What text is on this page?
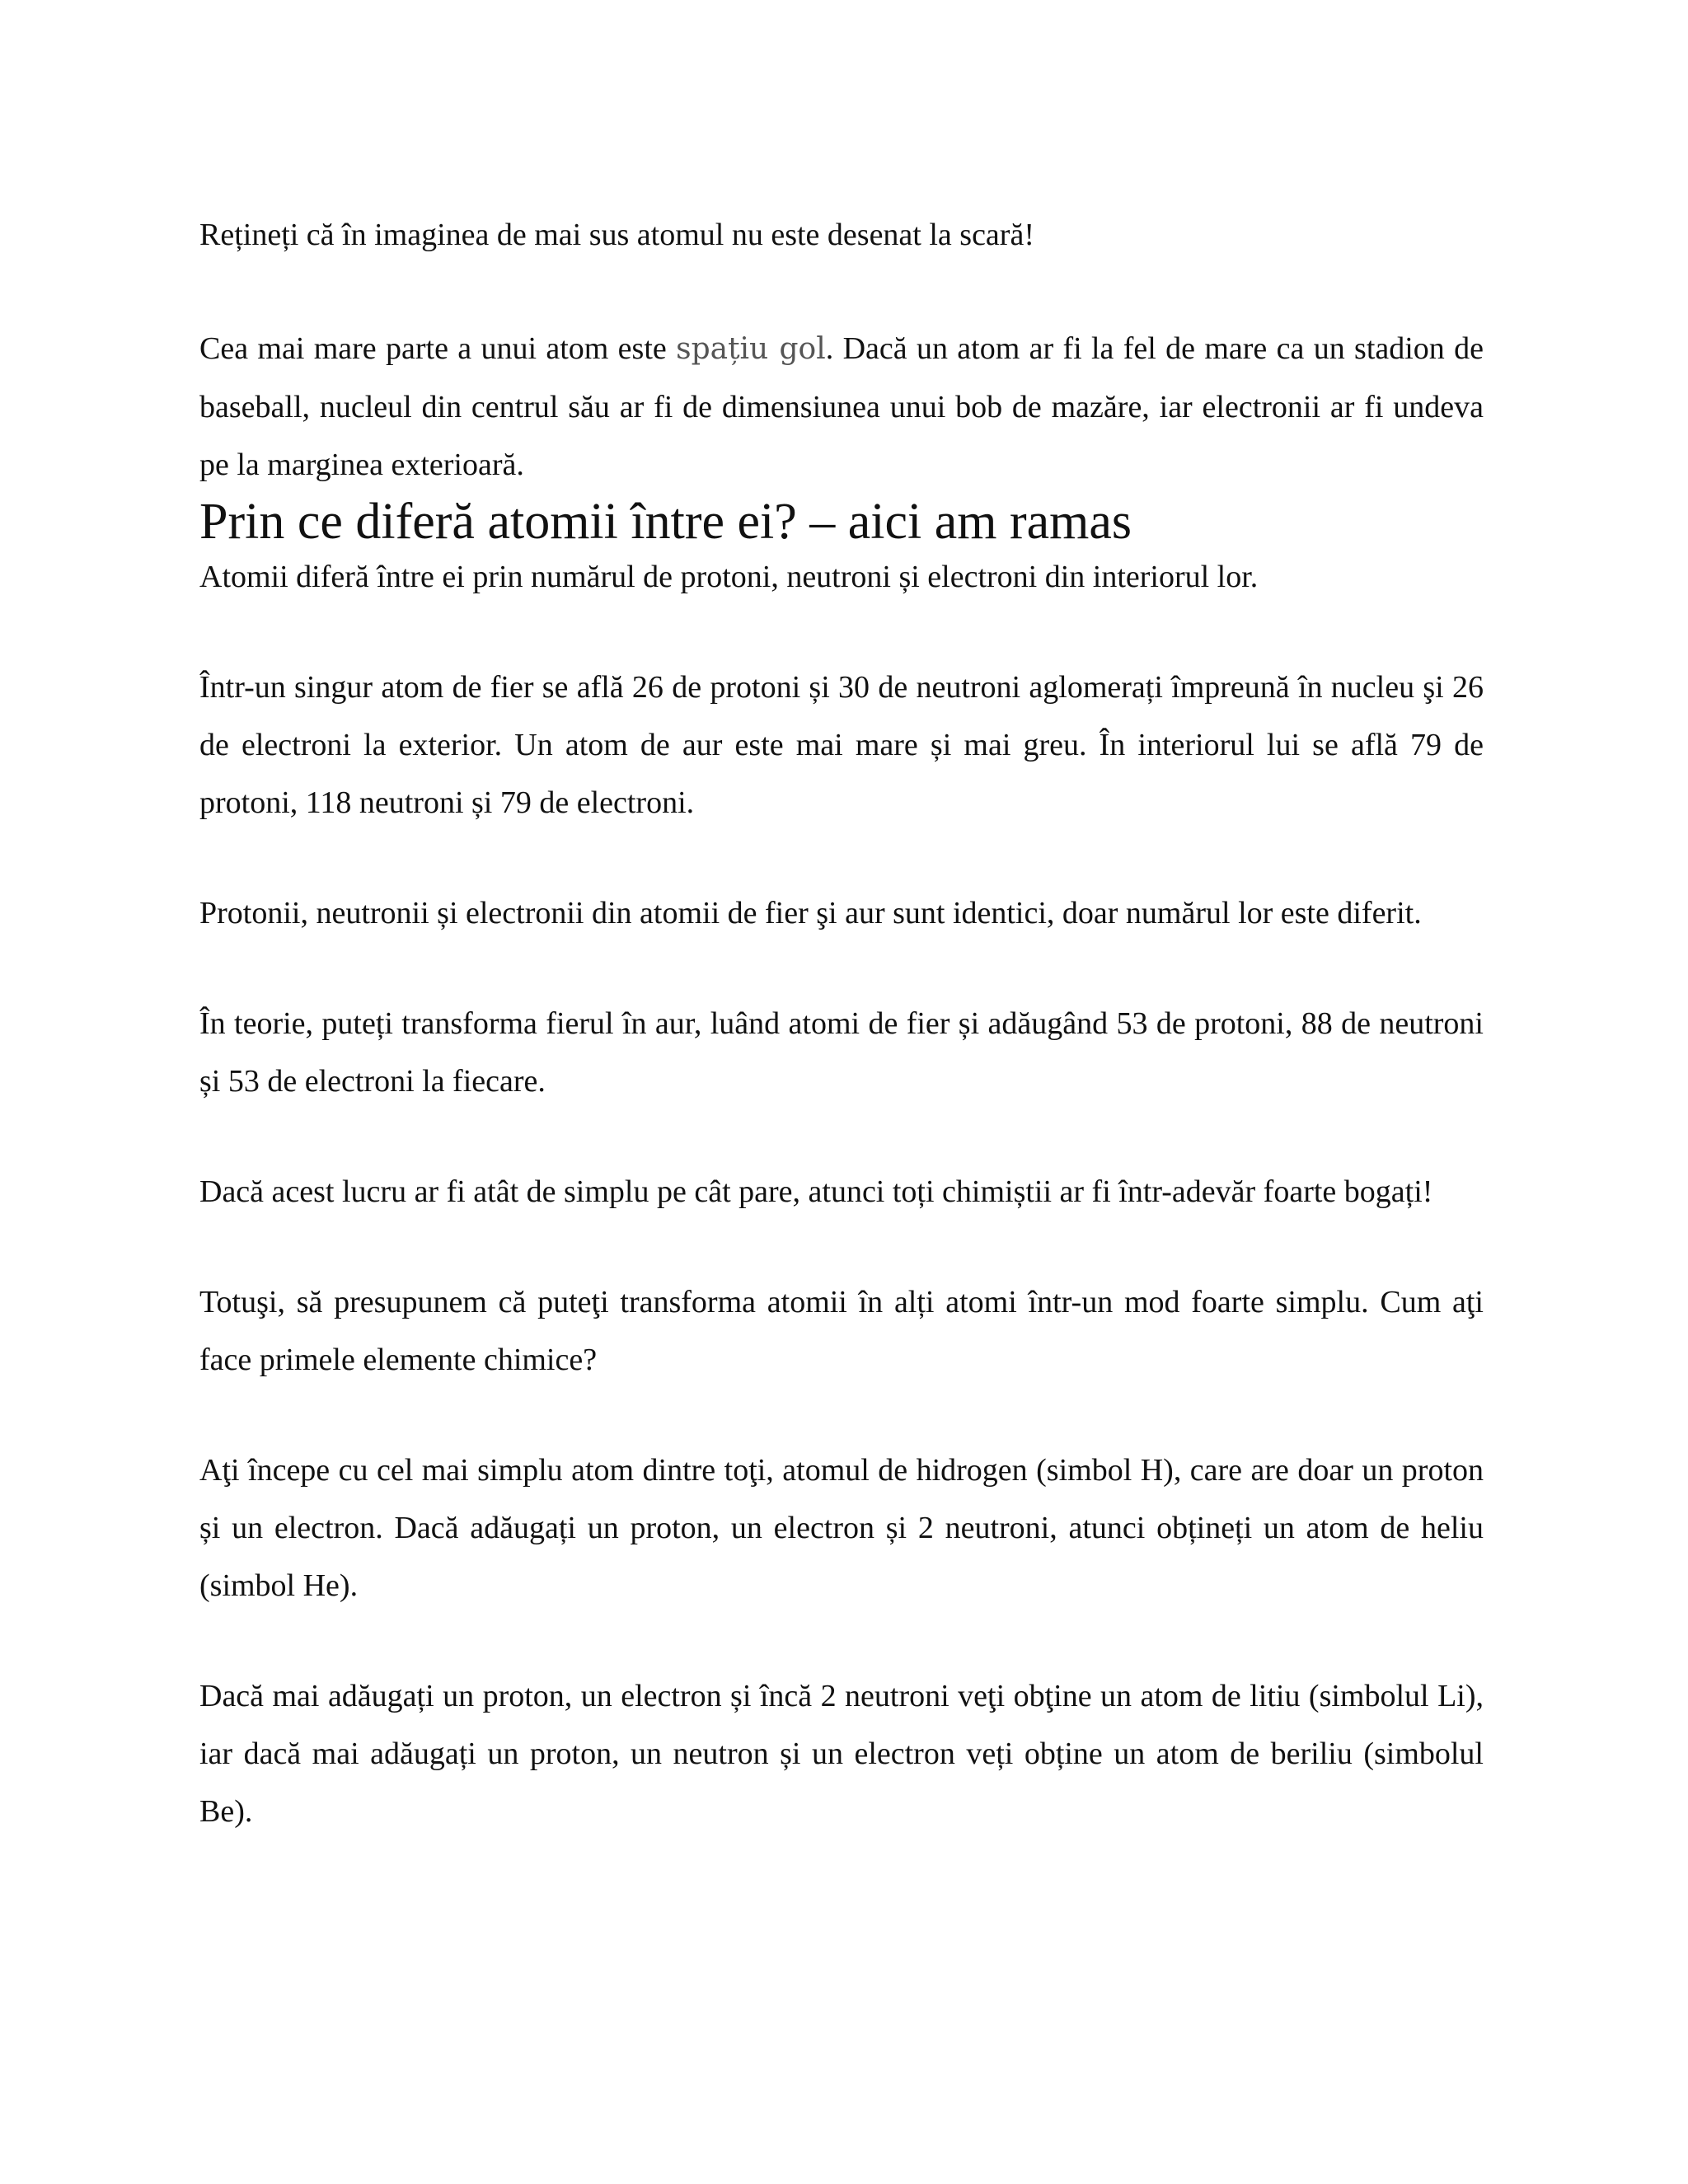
Rețineți că în imaginea de mai sus atomul nu este desenat la scară!

Cea mai mare parte a unui atom este spațiu gol. Dacă un atom ar fi la fel de mare ca un stadion de baseball, nucleul din centrul său ar fi de dimensiunea unui bob de mazăre, iar electronii ar fi undeva pe la marginea exterioară.

Prin ce diferă atomii între ei? – aici am ramas

Atomii diferă între ei prin numărul de protoni, neutroni și electroni din interiorul lor.

Într-un singur atom de fier se află 26 de protoni și 30 de neutroni aglomerați împreună în nucleu şi 26 de electroni la exterior. Un atom de aur este mai mare și mai greu. În interiorul lui se află 79 de protoni, 118 neutroni și 79 de electroni.

Protonii, neutronii și electronii din atomii de fier şi aur sunt identici, doar numărul lor este diferit.

În teorie, puteți transforma fierul în aur, luând atomi de fier și adăugând 53 de protoni, 88 de neutroni și 53 de electroni la fiecare.

Dacă acest lucru ar fi atât de simplu pe cât pare, atunci toți chimiștii ar fi într-adevăr foarte bogați!

Totuşi, să presupunem că puteţi transforma atomii în alți atomi într-un mod foarte simplu. Cum aţi face primele elemente chimice?

Aţi începe cu cel mai simplu atom dintre toţi, atomul de hidrogen (simbol H), care are doar un proton și un electron. Dacă adăugați un proton, un electron și 2 neutroni, atunci obțineți un atom de heliu (simbol He).

Dacă mai adăugați un proton, un electron și încă 2 neutroni veţi obţine un atom de litiu (simbolul Li), iar dacă mai adăugați un proton, un neutron și un electron veți obține un atom de beriliu (simbolul Be).
